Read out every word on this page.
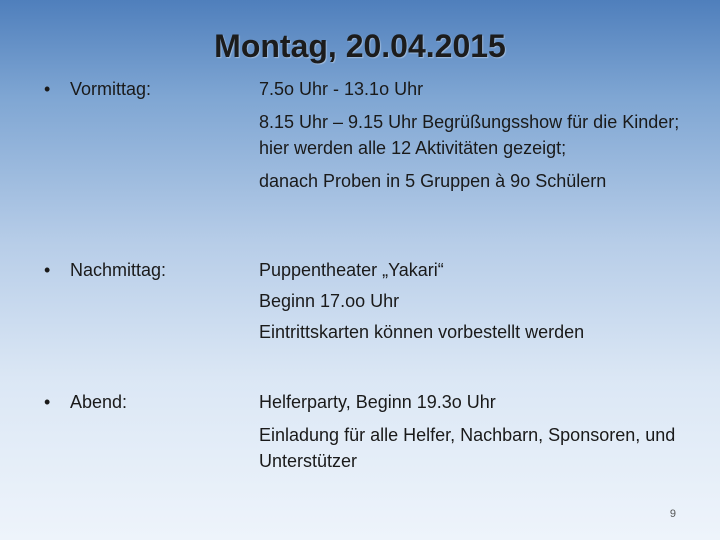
Montag, 20.04.2015
• Vormittag:	7.5o Uhr - 13.1o Uhr
8.15 Uhr – 9.15 Uhr Begrüßungsshow für die Kinder; hier werden alle 12 Aktivitäten gezeigt;
danach Proben in 5 Gruppen à 9o Schülern
• Nachmittag:	Puppentheater „Yakari“
Beginn 17.oo Uhr
Eintrittskarten können vorbestellt werden
• Abend:	Helferparty, Beginn 19.3o Uhr
Einladung für alle Helfer, Nachbarn, Sponsoren, und Unterstützer
9
